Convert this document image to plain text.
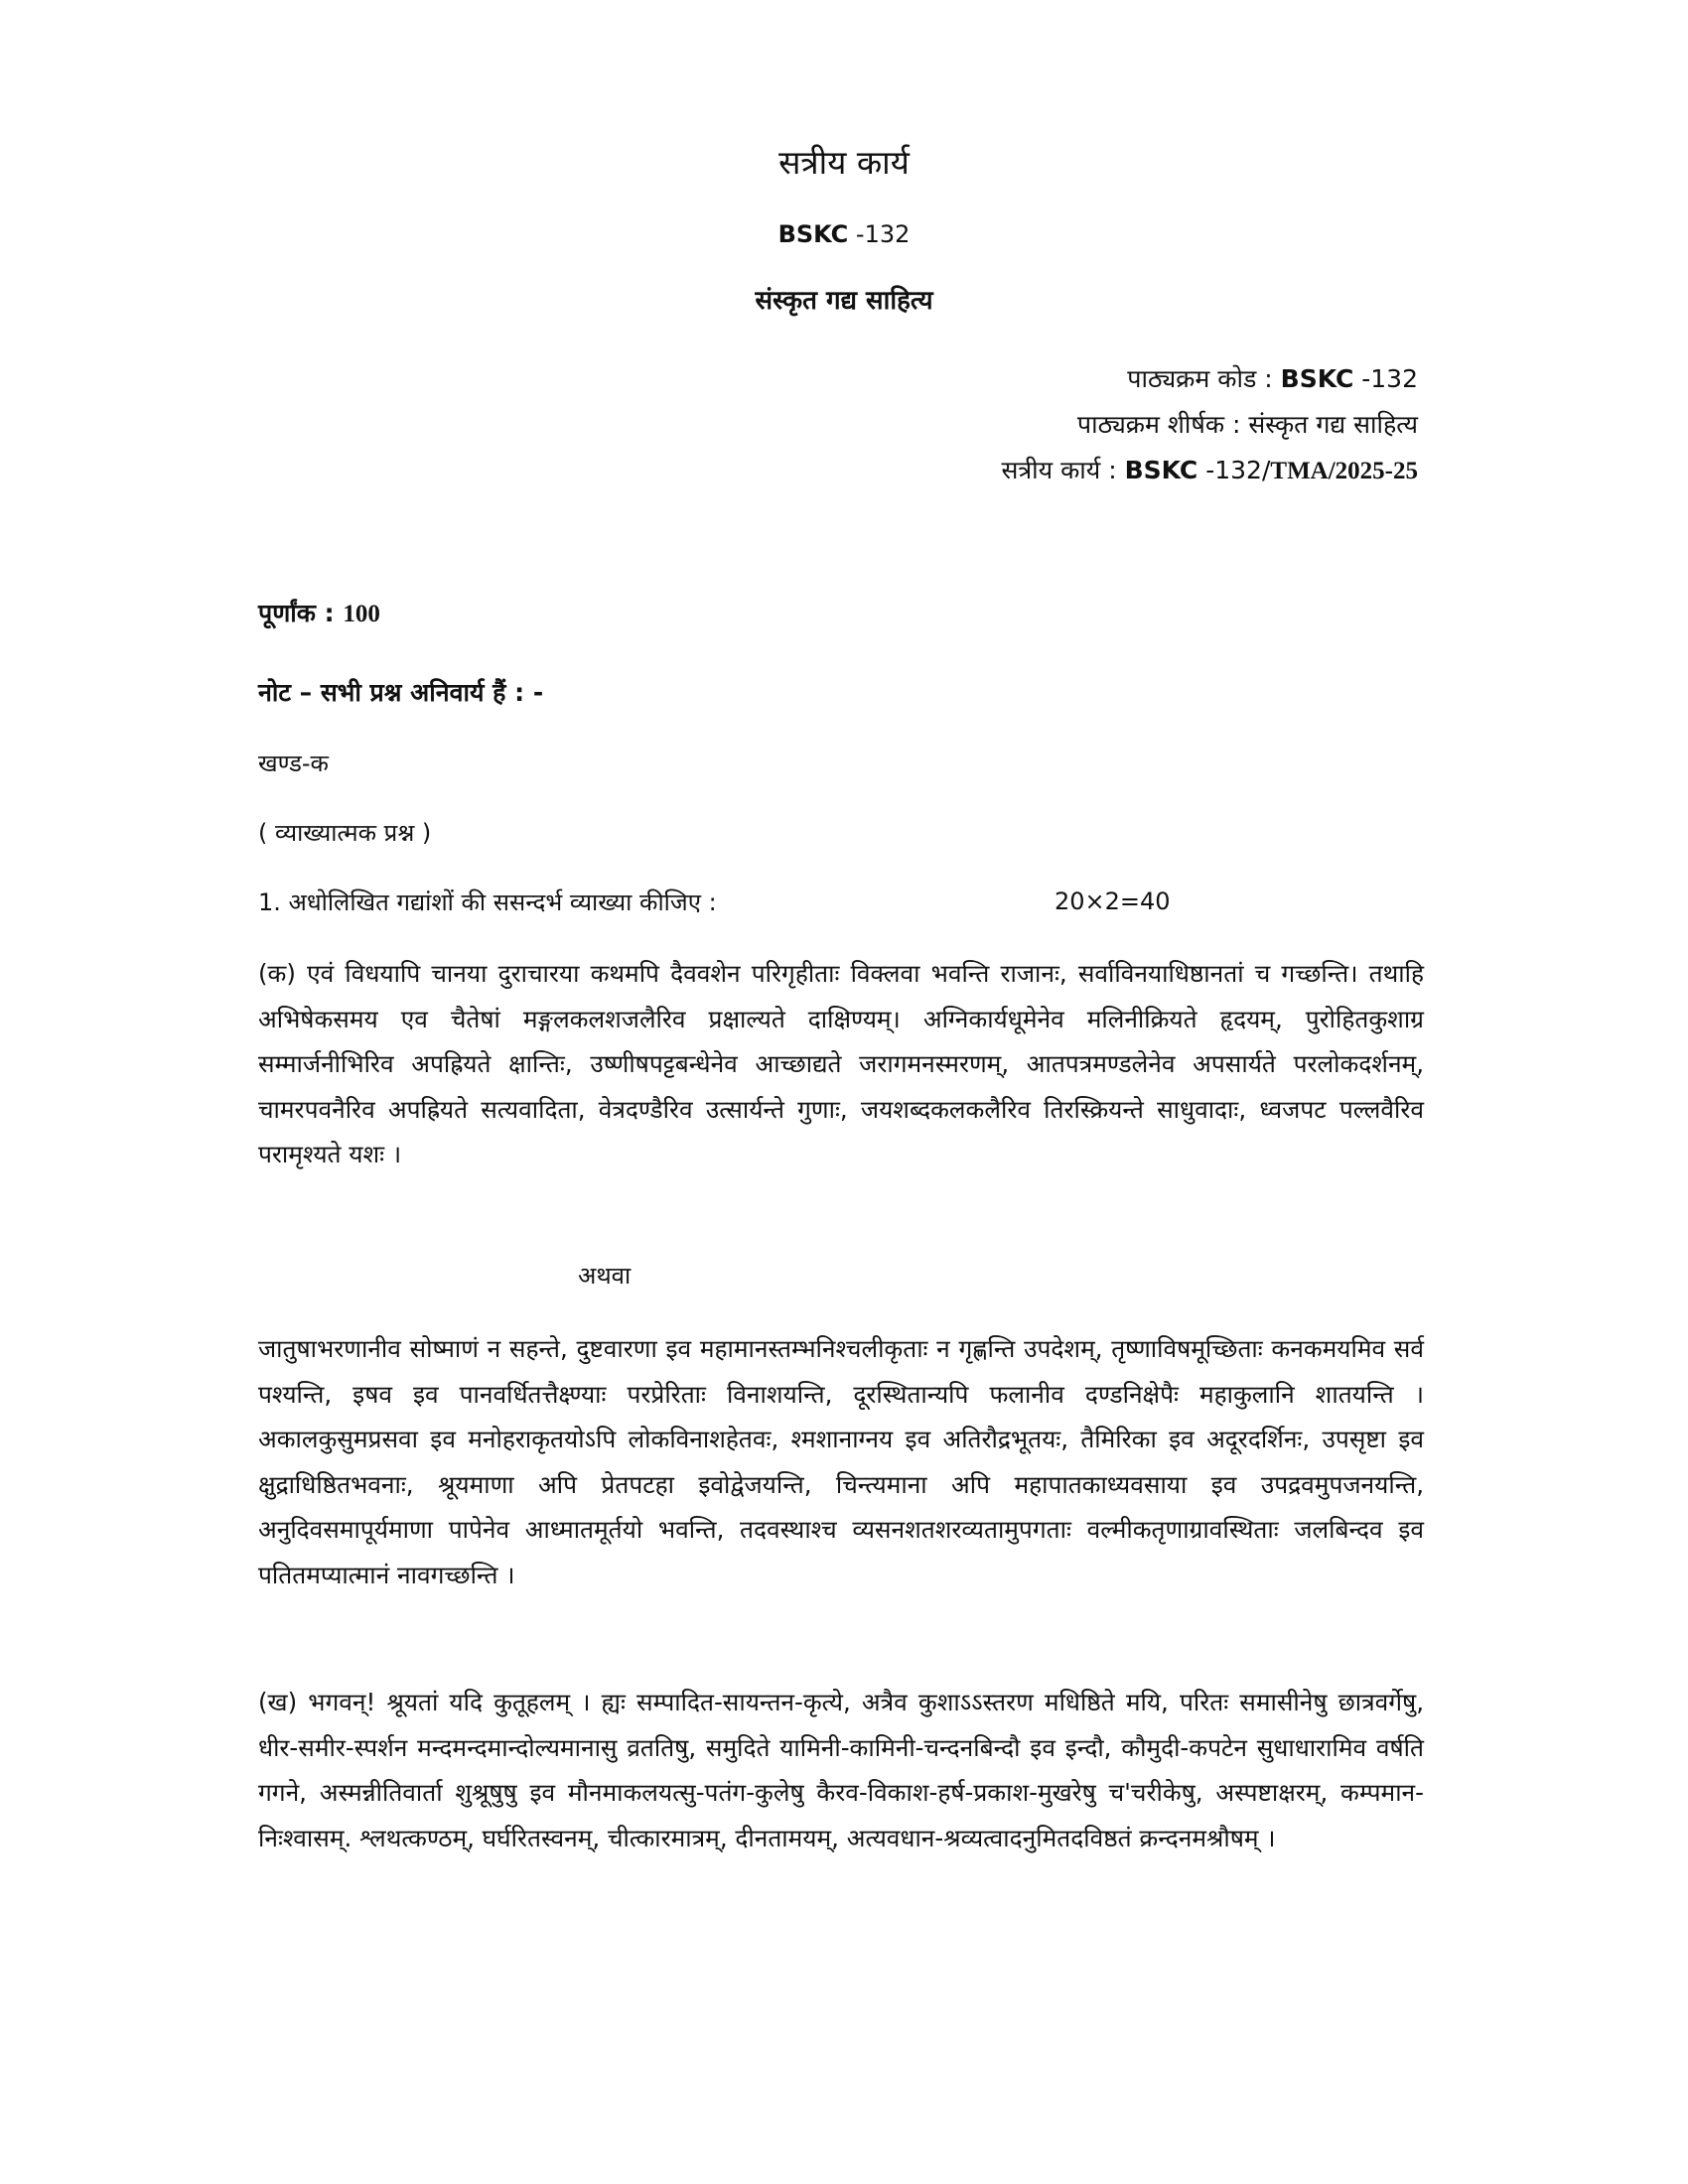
सत्रीय कार्य
BSKC -132
संस्कृत गद्य साहित्य
पाठ्यक्रम कोड : BSKC -132
पाठ्यक्रम शीर्षक : संस्कृत गद्य साहित्य
सत्रीय कार्य : BSKC -132/TMA/2025-25
पूर्णांक : 100
नोट – सभी प्रश्न अनिवार्य हैं : -
खण्ड-क
( व्याख्यात्मक प्रश्न )
1. अधोलिखित गद्यांशों की ससन्दर्भ व्याख्या कीजिए :	20×2=40
(क) एवं विधयापि चानया दुराचारया कथमपि दैववशेन परिगृहीताः विक्लवा भवन्ति राजानः, सर्वाविनयाधिष्ठानतां च गच्छन्ति। तथाहि अभिषेकसमय एव चैतेषां मङ्गलकलशजलैरिव प्रक्षाल्यते दाक्षिण्यम्। अग्निकार्यधूमेनेव मलिनीक्रियते हृदयम्, पुरोहितकुशाग्र सम्मार्जनीभिरिव अपह्रियते क्षान्तिः, उष्णीषपट्टबन्धेनेव आच्छाद्यते जरागमनस्मरणम्, आतपत्रमण्डलेनेव अपसार्यते परलोकदर्शनम्, चामरपवनैरिव अपह्रियते सत्यवादिता, वेत्रदण्डैरिव उत्सार्यन्ते गुणाः, जयशब्दकलकलैरिव तिरस्क्रियन्ते साधुवादाः, ध्वजपट पल्लवैरिव परामृश्यते यशः ।
अथवा
जातुषाभरणानीव सोष्माणं न सहन्ते, दुष्टवारणा इव महामानस्तम्भनिश्चलीकृताः न गृह्णन्ति उपदेशम्, तृष्णाविषमूच्छिताः कनकमयमिव सर्व पश्यन्ति, इषव इव पानवर्धितत्तैक्ष्ण्याः परप्रेरिताः विनाशयन्ति, दूरस्थितान्यपि फलानीव दण्डनिक्षेपैः महाकुलानि शातयन्ति । अकालकुसुमप्रसवा इव मनोहराकृतयोऽपि लोकविनाशहेतवः, श्मशानाग्नय इव अतिरौद्रभूतयः, तैमिरिका इव अदूरदर्शिनः, उपसृष्टा इव क्षुद्राधिष्ठितभवनाः, श्रूयमाणा अपि प्रेतपटहा इवोद्वेजयन्ति, चिन्त्यमाना अपि महापातकाध्यवसाया इव उपद्रवमुपजनयन्ति, अनुदिवसमापूर्यमाणा पापेनेव आध्मातमूर्तयो भवन्ति, तदवस्थाश्च व्यसनशतशरव्यतामुपगताः वल्मीकतृणाग्रावस्थिताः जलबिन्दव इव पतितमप्यात्मानं नावगच्छन्ति ।
(ख) भगवन्! श्रूयतां यदि कुतूहलम् । ह्यः सम्पादित-सायन्तन-कृत्ये, अत्रैव कुशाऽऽस्तरण मधिष्ठिते मयि, परितः समासीनेषु छात्रवर्गेषु, धीर-समीर-स्पर्शन मन्दमन्दमान्दोल्यमानासु व्रततिषु, समुदिते यामिनी-कामिनी-चन्दनबिन्दौ इव इन्दौ, कौमुदी-कपटेन सुधाधारामिव वर्षति गगने, अस्मन्नीतिवार्ता शुश्रूषुषु इव मौनमाकलयत्सु-पतंग-कुलेषु कैरव-विकाश-हर्ष-प्रकाश-मुखरेषु च'चरीकेषु, अस्पष्टाक्षरम्, कम्पमान-निःश्वासम्. श्लथत्कण्ठम्, घर्घरितस्वनम्, चीत्कारमात्रम्, दीनतामयम्, अत्यवधान-श्रव्यत्वादनुमितदविष्ठतं क्रन्दनमश्रौषम् ।
